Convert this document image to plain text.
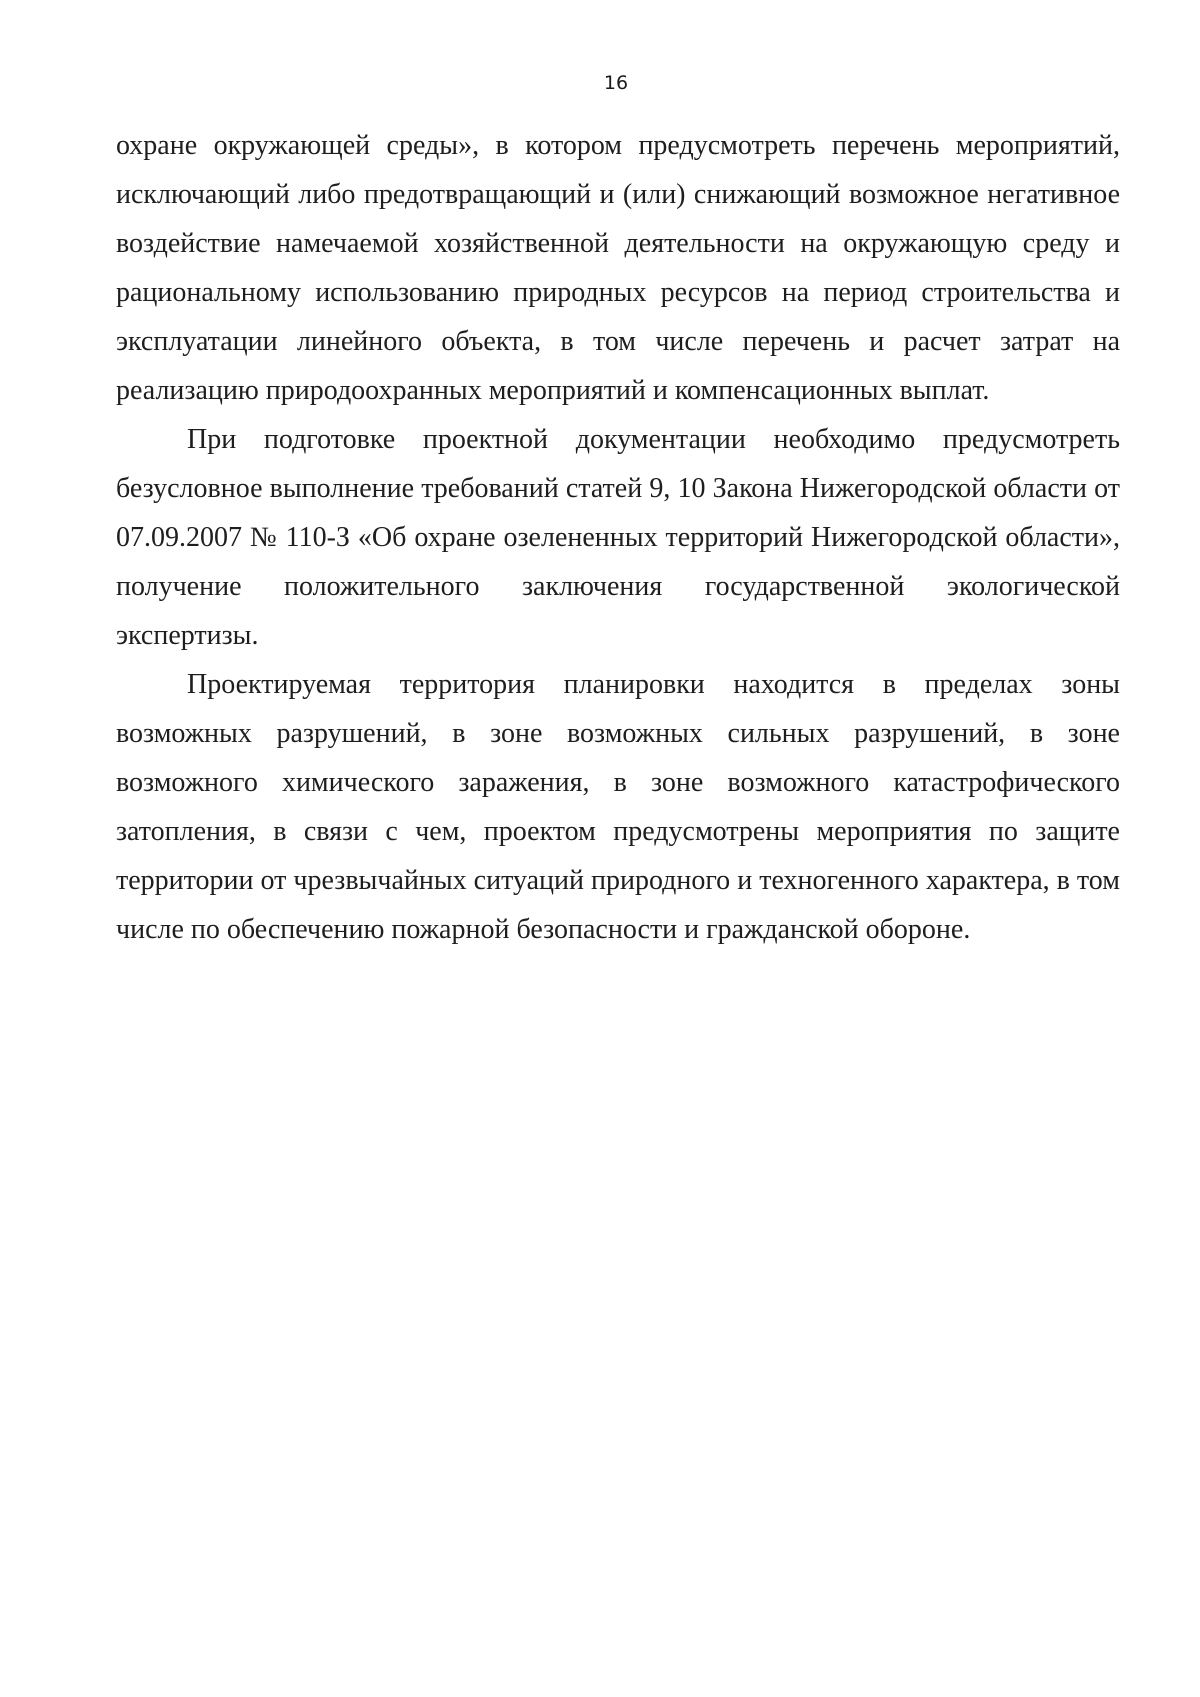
16

охране окружающей среды», в котором предусмотреть перечень мероприятий, исключающий либо предотвращающий и (или) снижающий возможное негативное воздействие намечаемой хозяйственной деятельности на окружающую среду и рациональному использованию природных ресурсов на период строительства и эксплуатации линейного объекта, в том числе перечень и расчет затрат на реализацию природоохранных мероприятий и компенсационных выплат.

При подготовке проектной документации необходимо предусмотреть безусловное выполнение требований статей 9, 10 Закона Нижегородской области от 07.09.2007 № 110-З «Об охране озелененных территорий Нижегородской области», получение положительного заключения государственной экологической экспертизы.

Проектируемая территория планировки находится в пределах зоны возможных разрушений, в зоне возможных сильных разрушений, в зоне возможного химического заражения, в зоне возможного катастрофического затопления, в связи с чем, проектом предусмотрены мероприятия по защите территории от чрезвычайных ситуаций природного и техногенного характера, в том числе по обеспечению пожарной безопасности и гражданской обороне.
